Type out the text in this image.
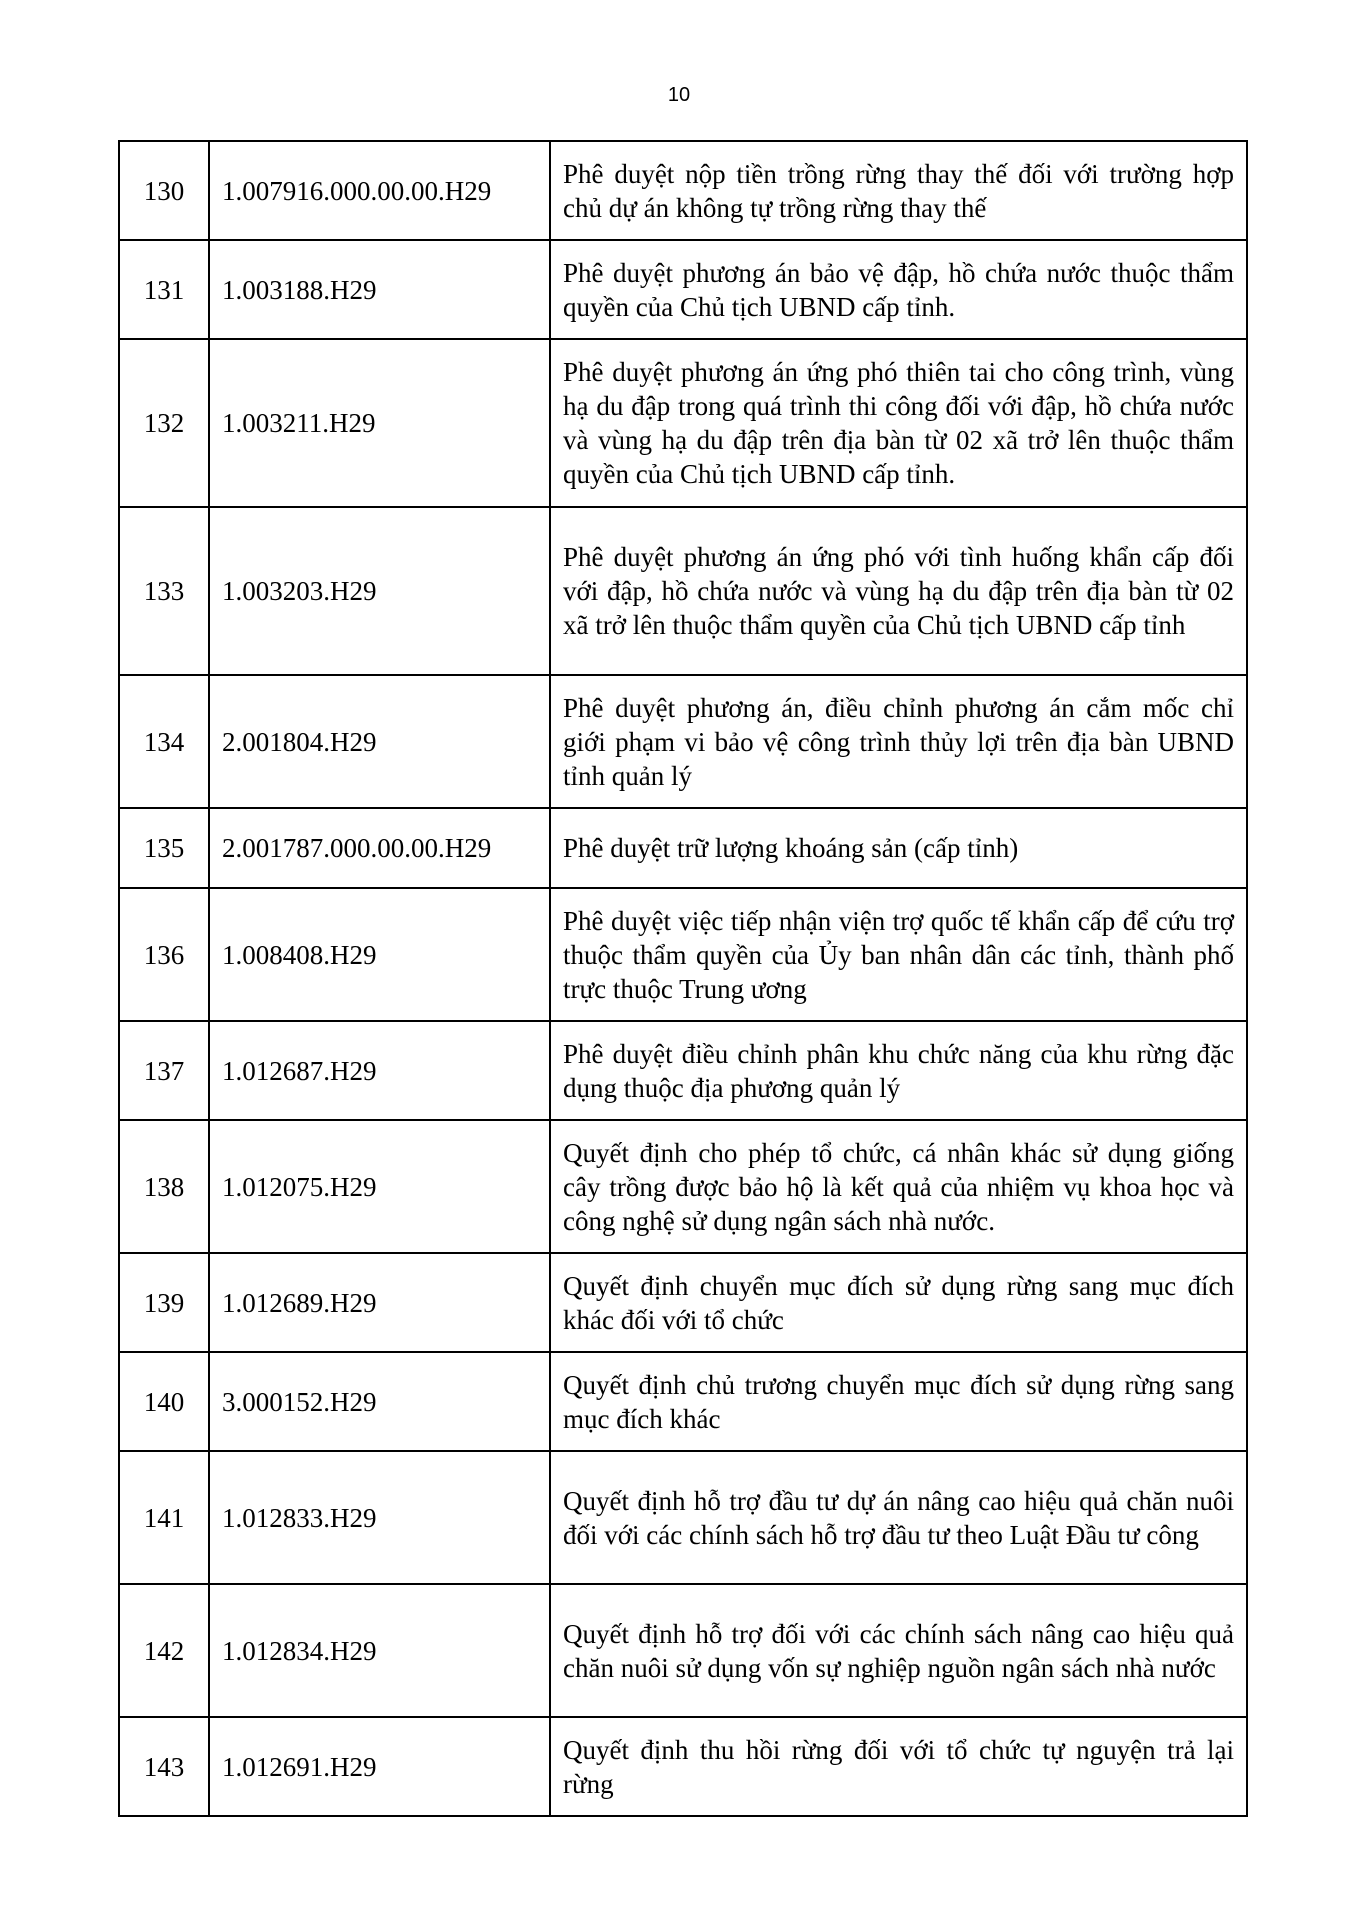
10
130	1.007916.000.00.00.H29	Phê duyệt nộp tiền trồng rừng thay thế đối với trường hợp chủ dự án không tự trồng rừng thay thế
131	1.003188.H29	Phê duyệt phương án bảo vệ đập, hồ chứa nước thuộc thẩm quyền của Chủ tịch UBND cấp tỉnh.
132	1.003211.H29	Phê duyệt phương án ứng phó thiên tai cho công trình, vùng hạ du đập trong quá trình thi công đối với đập, hồ chứa nước và vùng hạ du đập trên địa bàn từ 02 xã trở lên thuộc thẩm quyền của Chủ tịch UBND cấp tỉnh.
133	1.003203.H29	Phê duyệt phương án ứng phó với tình huống khẩn cấp đối với đập, hồ chứa nước và vùng hạ du đập trên địa bàn từ 02 xã trở lên thuộc thẩm quyền của Chủ tịch UBND cấp tỉnh
134	2.001804.H29	Phê duyệt phương án, điều chỉnh phương án cắm mốc chỉ giới phạm vi bảo vệ công trình thủy lợi trên địa bàn UBND tỉnh quản lý
135	2.001787.000.00.00.H29	Phê duyệt trữ lượng khoáng sản (cấp tỉnh)
136	1.008408.H29	Phê duyệt việc tiếp nhận viện trợ quốc tế khẩn cấp để cứu trợ thuộc thẩm quyền của Ủy ban nhân dân các tỉnh, thành phố trực thuộc Trung ương
137	1.012687.H29	Phê duyệt điều chỉnh phân khu chức năng của khu rừng đặc dụng thuộc địa phương quản lý
138	1.012075.H29	Quyết định cho phép tổ chức, cá nhân khác sử dụng giống cây trồng được bảo hộ là kết quả của nhiệm vụ khoa học và công nghệ sử dụng ngân sách nhà nước.
139	1.012689.H29	Quyết định chuyển mục đích sử dụng rừng sang mục đích khác đối với tổ chức
140	3.000152.H29	Quyết định chủ trương chuyển mục đích sử dụng rừng sang mục đích khác
141	1.012833.H29	Quyết định hỗ trợ đầu tư dự án nâng cao hiệu quả chăn nuôi đối với các chính sách hỗ trợ đầu tư theo Luật Đầu tư công
142	1.012834.H29	Quyết định hỗ trợ đối với các chính sách nâng cao hiệu quả chăn nuôi sử dụng vốn sự nghiệp nguồn ngân sách nhà nước
143	1.012691.H29	Quyết định thu hồi rừng đối với tổ chức tự nguyện trả lại rừng
